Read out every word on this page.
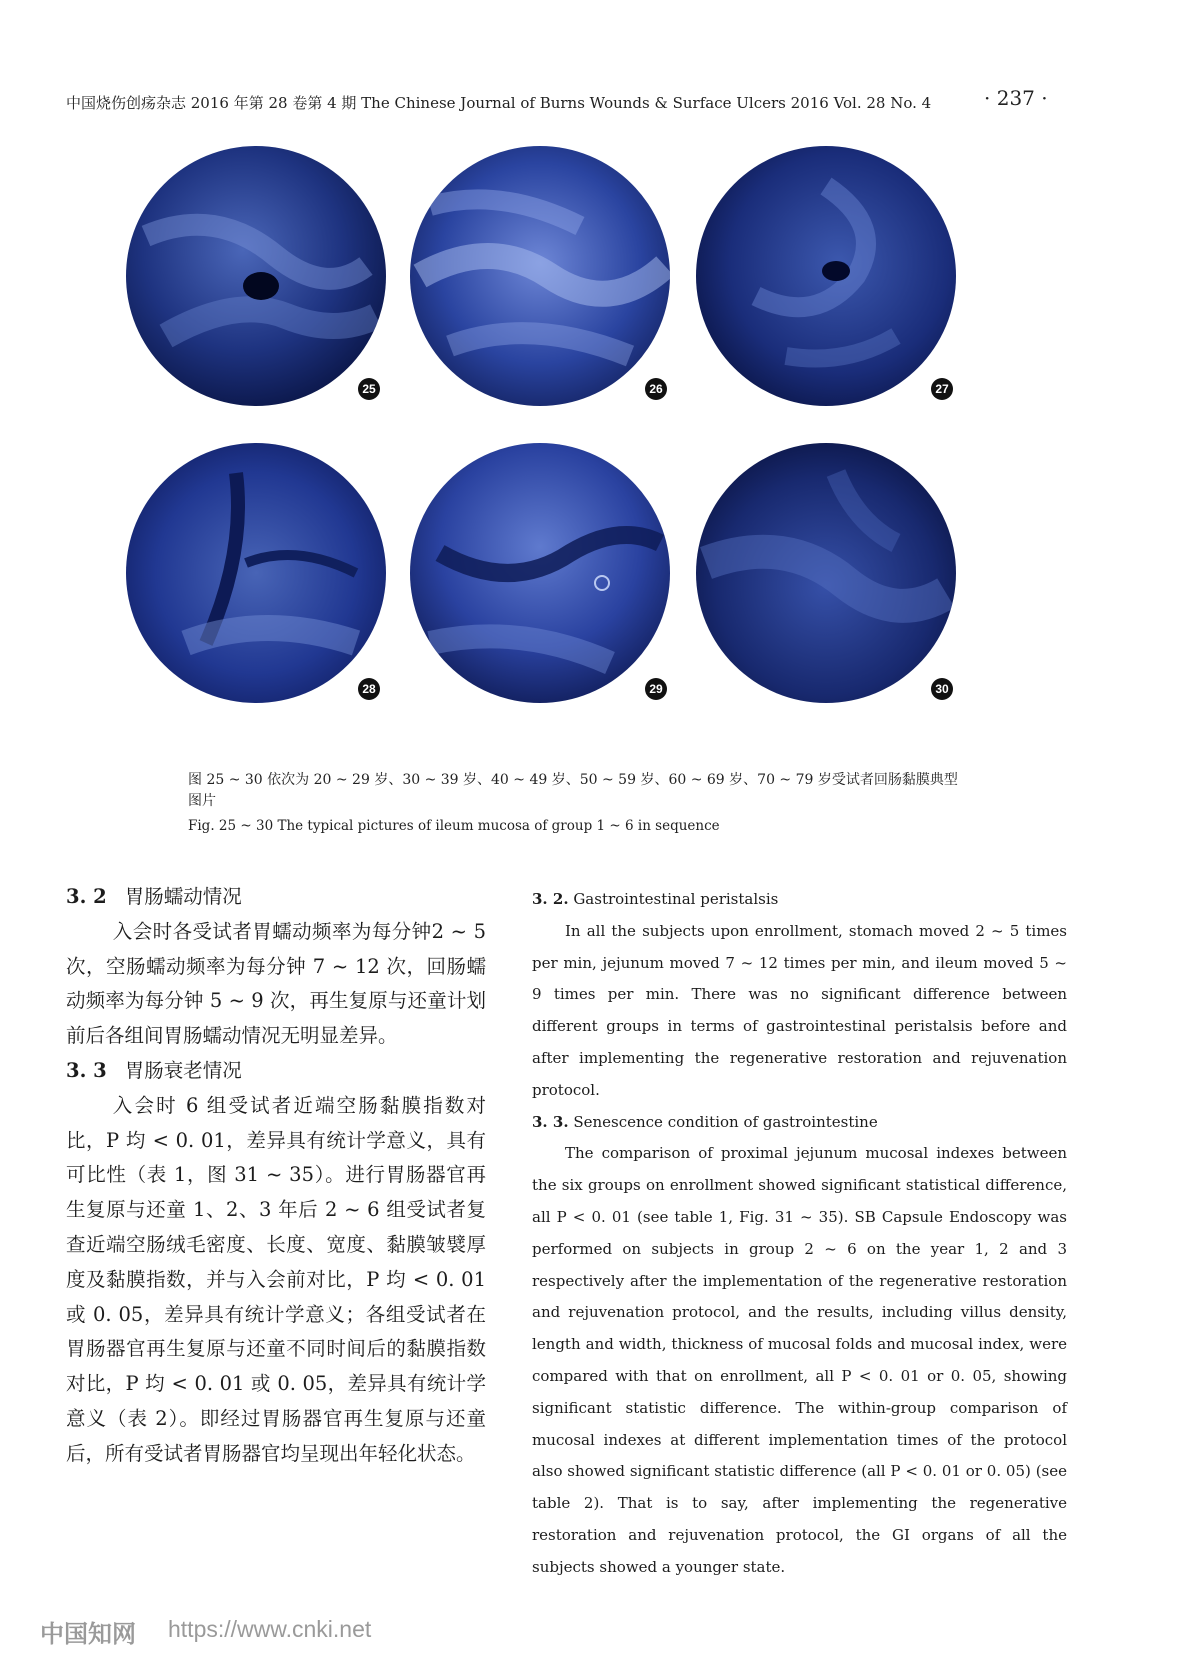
中国烧伤创疡杂志 2016 年第 28 卷第 4 期 The Chinese Journal of Burns Wounds & Surface Ulcers 2016 Vol. 28 No. 4	· 237 ·
25	26	27
28	29	30
图 25 ~ 30 依次为 20 ~ 29 岁、30 ~ 39 岁、40 ~ 49 岁、50 ~ 59 岁、60 ~ 69 岁、70 ~ 79 岁受试者回肠黏膜典型图片
Fig. 25 ~ 30 The typical pictures of ileum mucosa of group 1 ~ 6 in sequence
3. 2 胃肠蠕动情况

入会时各受试者胃蠕动频率为每分钟2 ~ 5 次，空肠蠕动频率为每分钟 7 ~ 12 次，回肠蠕动频率为每分钟 5 ~ 9 次，再生复原与还童计划前后各组间胃肠蠕动情况无明显差异。

3. 3 胃肠衰老情况

入会时 6 组受试者近端空肠黏膜指数对比，P 均 < 0. 01，差异具有统计学意义，具有可比性（表 1，图 31 ~ 35）。进行胃肠器官再生复原与还童 1、2、3 年后 2 ~ 6 组受试者复查近端空肠绒毛密度、长度、宽度、黏膜皱襞厚度及黏膜指数，并与入会前对比，P 均 < 0. 01 或 0. 05，差异具有统计学意义；各组受试者在胃肠器官再生复原与还童不同时间后的黏膜指数对比，P 均 < 0. 01 或 0. 05，差异具有统计学意义（表 2）。即经过胃肠器官再生复原与还童后，所有受试者胃肠器官均呈现出年轻化状态。

3. 2. Gastrointestinal peristalsis

In all the subjects upon enrollment, stomach moved 2 ~ 5 times per min, jejunum moved 7 ~ 12 times per min, and ileum moved 5 ~ 9 times per min. There was no significant difference between different groups in terms of gastrointestinal peristalsis before and after implementing the regenerative restoration and rejuvenation protocol.

3. 3. Senescence condition of gastrointestine

The comparison of proximal jejunum mucosal indexes between the six groups on enrollment showed significant statistical difference, all P < 0. 01 (see table 1, Fig. 31 ~ 35). SB Capsule Endoscopy was performed on subjects in group 2 ~ 6 on the year 1, 2 and 3 respectively after the implementation of the regenerative restoration and rejuvenation protocol, and the results, including villus density, length and width, thickness of mucosal folds and mucosal index, were compared with that on enrollment, all P < 0. 01 or 0. 05, showing significant statistic difference. The within-group comparison of mucosal indexes at different implementation times of the protocol also showed significant statistic difference (all P < 0. 01 or 0. 05) (see table 2). That is to say, after implementing the regenerative restoration and rejuvenation protocol, the GI organs of all the subjects showed a younger state.

中国知网 https://www.cnki.net
